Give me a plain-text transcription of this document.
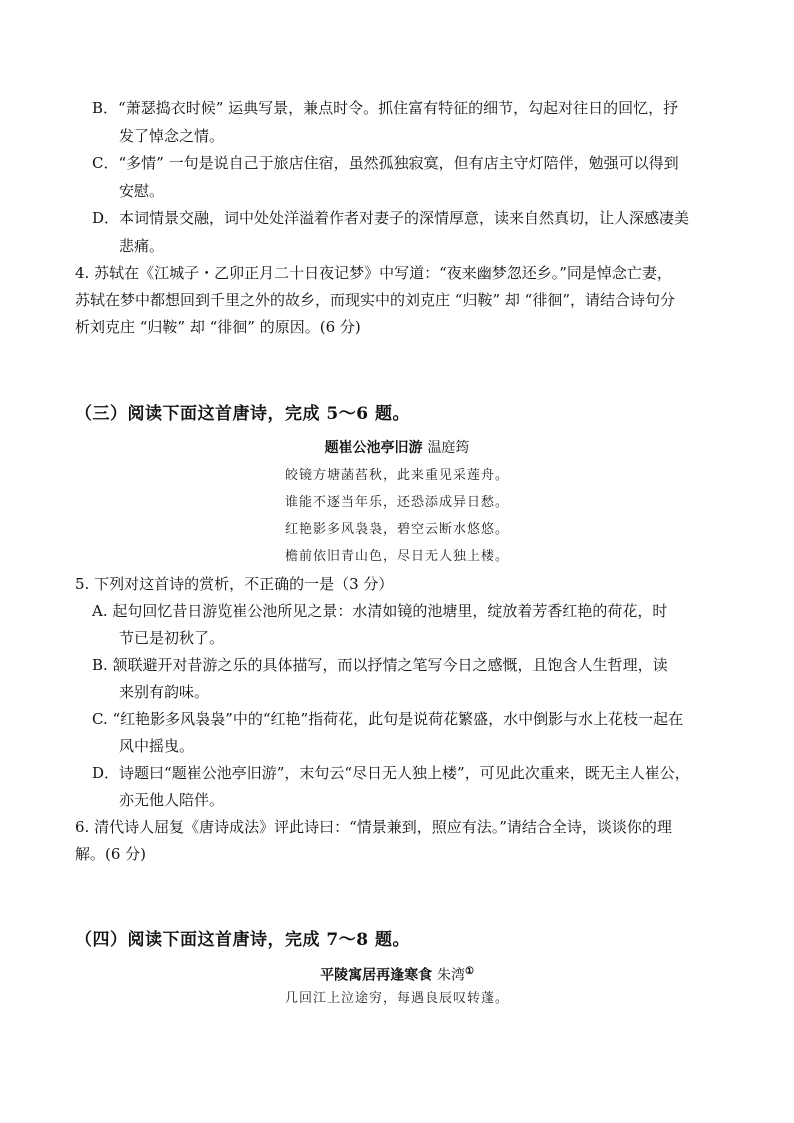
B．“萧瑟捣衣时候” 运典写景，兼点时令。抓住富有特征的细节，勾起对往日的回忆，抒
发了悼念之情。
C．“多情” 一句是说自己于旅店住宿，虽然孤独寂寞，但有店主守灯陪伴，勉强可以得到
安慰。
D．本词情景交融，词中处处洋溢着作者对妻子的深情厚意，读来自然真切，让人深感凄美
悲痛。
4. 苏轼在《江城子・乙卯正月二十日夜记梦》中写道：“夜来幽梦忽还乡。”同是悼念亡妻，
苏轼在梦中都想回到千里之外的故乡，而现实中的刘克庄 “归鞍” 却 “徘徊”，请结合诗句分
析刘克庄 “归鞍” 却 “徘徊” 的原因。(6 分)
（三）阅读下面这首唐诗，完成 5～6 题。
题崔公池亭旧游 温庭筠
皎镜方塘菡萏秋，此来重见采莲舟。
谁能不逐当年乐，还恐添成异日愁。
红艳影多风袅袅，碧空云断水悠悠。
檐前依旧青山色，尽日无人独上楼。
5. 下列对这首诗的赏析，不正确的一是（3 分）
A. 起句回忆昔日游览崔公池所见之景：水清如镜的池塘里，绽放着芳香红艳的荷花，时
节已是初秋了。
B. 颔联避开对昔游之乐的具体描写，而以抒情之笔写今日之感慨，且饱含人生哲理，读
来别有韵味。
C. “红艳影多风袅袅”中的“红艳”指荷花，此句是说荷花繁盛，水中倒影与水上花枝一起在
风中摇曳。
D．诗题曰“题崔公池亭旧游”，末句云“尽日无人独上楼”，可见此次重来，既无主人崔公，
亦无他人陪伴。
6. 清代诗人屈复《唐诗成法》评此诗曰：“情景兼到，照应有法。”请结合全诗，谈谈你的理
解。(6 分)
（四）阅读下面这首唐诗，完成 7～8 题。
平陵寓居再逢寒食 朱湾①
几回江上泣途穷，每遇良辰叹转蓬。
